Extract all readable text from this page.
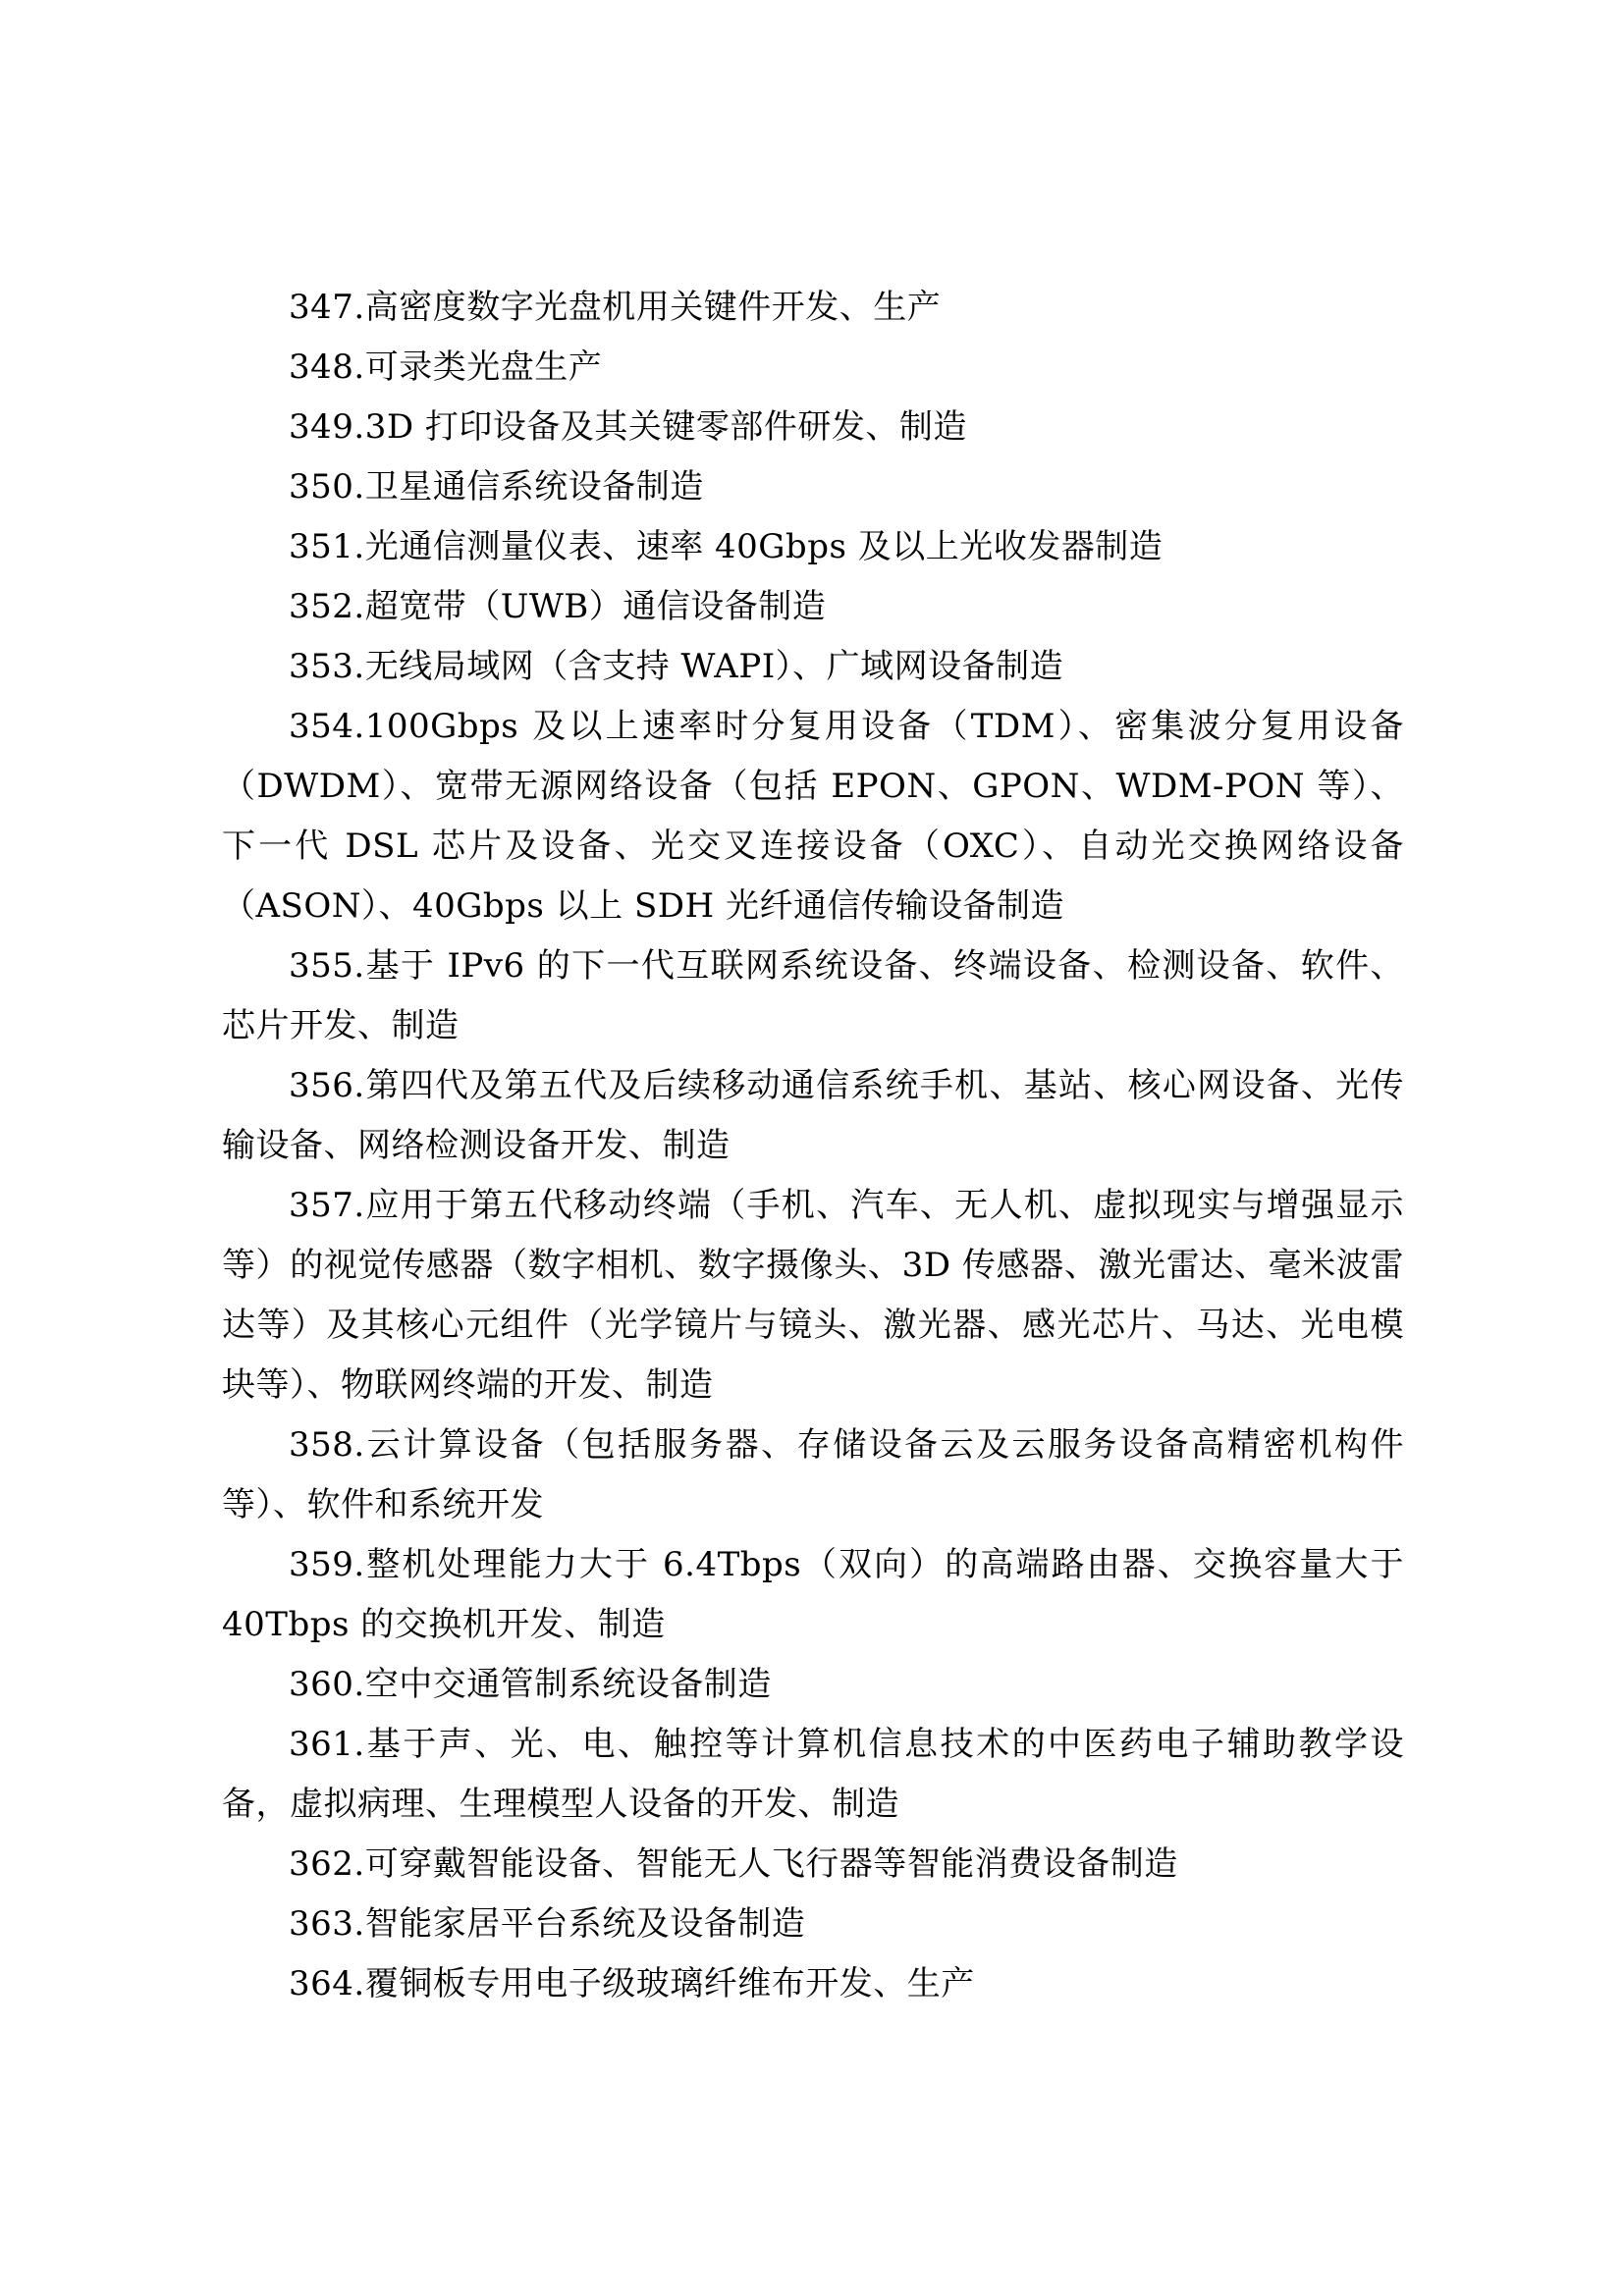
347.高密度数字光盘机用关键件开发、生产

348.可录类光盘生产

349.3D 打印设备及其关键零部件研发、制造

350.卫星通信系统设备制造

351.光通信测量仪表、速率 40Gbps 及以上光收发器制造

352.超宽带（UWB）通信设备制造

353.无线局域网（含支持 WAPI）、广域网设备制造

354.100Gbps 及以上速率时分复用设备（TDM）、密集波分复用设备（DWDM）、宽带无源网络设备（包括 EPON、GPON、WDM-PON 等）、下一代 DSL 芯片及设备、光交叉连接设备（OXC）、自动光交换网络设备（ASON）、40Gbps 以上 SDH 光纤通信传输设备制造

355.基于 IPv6 的下一代互联网系统设备、终端设备、检测设备、软件、芯片开发、制造

356.第四代及第五代及后续移动通信系统手机、基站、核心网设备、光传输设备、网络检测设备开发、制造

357.应用于第五代移动终端（手机、汽车、无人机、虚拟现实与增强显示等）的视觉传感器（数字相机、数字摄像头、3D 传感器、激光雷达、毫米波雷达等）及其核心元组件（光学镜片与镜头、激光器、感光芯片、马达、光电模块等）、物联网终端的开发、制造

358.云计算设备（包括服务器、存储设备云及云服务设备高精密机构件等）、软件和系统开发

359.整机处理能力大于 6.4Tbps（双向）的高端路由器、交换容量大于 40Tbps 的交换机开发、制造

360.空中交通管制系统设备制造

361.基于声、光、电、触控等计算机信息技术的中医药电子辅助教学设备，虚拟病理、生理模型人设备的开发、制造

362.可穿戴智能设备、智能无人飞行器等智能消费设备制造

363.智能家居平台系统及设备制造

364.覆铜板专用电子级玻璃纤维布开发、生产
